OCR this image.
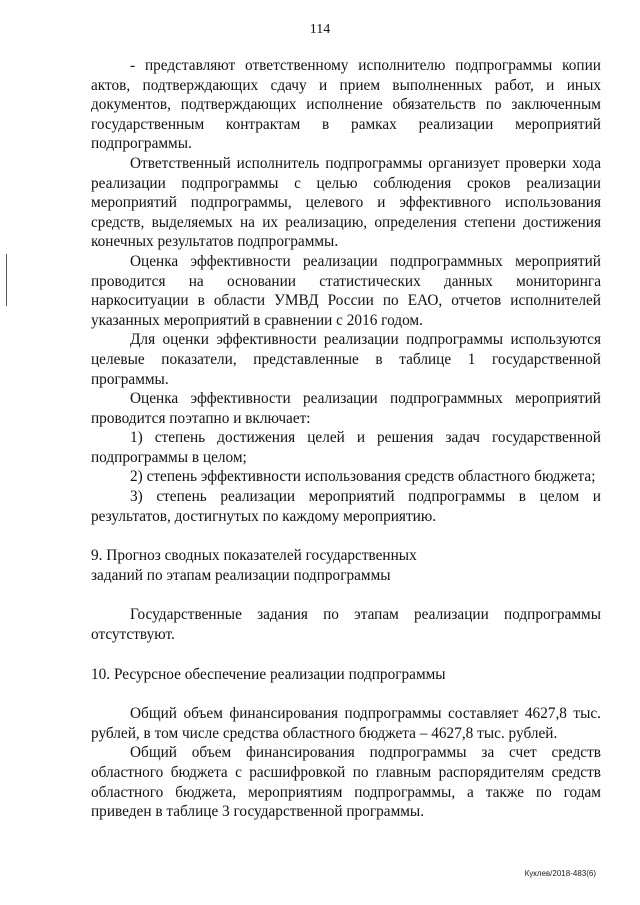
114

- представляют ответственному исполнителю подпрограммы копии актов, подтверждающих сдачу и прием выполненных работ, и иных документов, подтверждающих исполнение обязательств по заключенным государственным контрактам в рамках реализации мероприятий подпрограммы.

Ответственный исполнитель подпрограммы организует проверки хода реализации подпрограммы с целью соблюдения сроков реализации мероприятий подпрограммы, целевого и эффективного использования средств, выделяемых на их реализацию, определения степени достижения конечных результатов подпрограммы.

Оценка эффективности реализации подпрограммных мероприятий проводится на основании статистических данных мониторинга наркоситуации в области УМВД России по ЕАО, отчетов исполнителей указанных мероприятий в сравнении с 2016 годом.

Для оценки эффективности реализации подпрограммы используются целевые показатели, представленные в таблице 1 государственной программы.

Оценка эффективности реализации подпрограммных мероприятий проводится поэтапно и включает:

1) степень достижения целей и решения задач государственной подпрограммы в целом;

2) степень эффективности использования средств областного бюджета;

3) степень реализации мероприятий подпрограммы в целом и результатов, достигнутых по каждому мероприятию.

9. Прогноз сводных показателей государственных

заданий по этапам реализации подпрограммы

Государственные задания по этапам реализации подпрограммы отсутствуют.

10. Ресурсное обеспечение реализации подпрограммы

Общий объем финансирования подпрограммы составляет 4627,8 тыс. рублей, в том числе средства областного бюджета – 4627,8 тыс. рублей.

Общий объем финансирования подпрограммы за счет средств областного бюджета с расшифровкой по главным распорядителям средств областного бюджета, мероприятиям подпрограммы, а также по годам приведен в таблице 3 государственной программы.

Куклев/2018-483(6)
